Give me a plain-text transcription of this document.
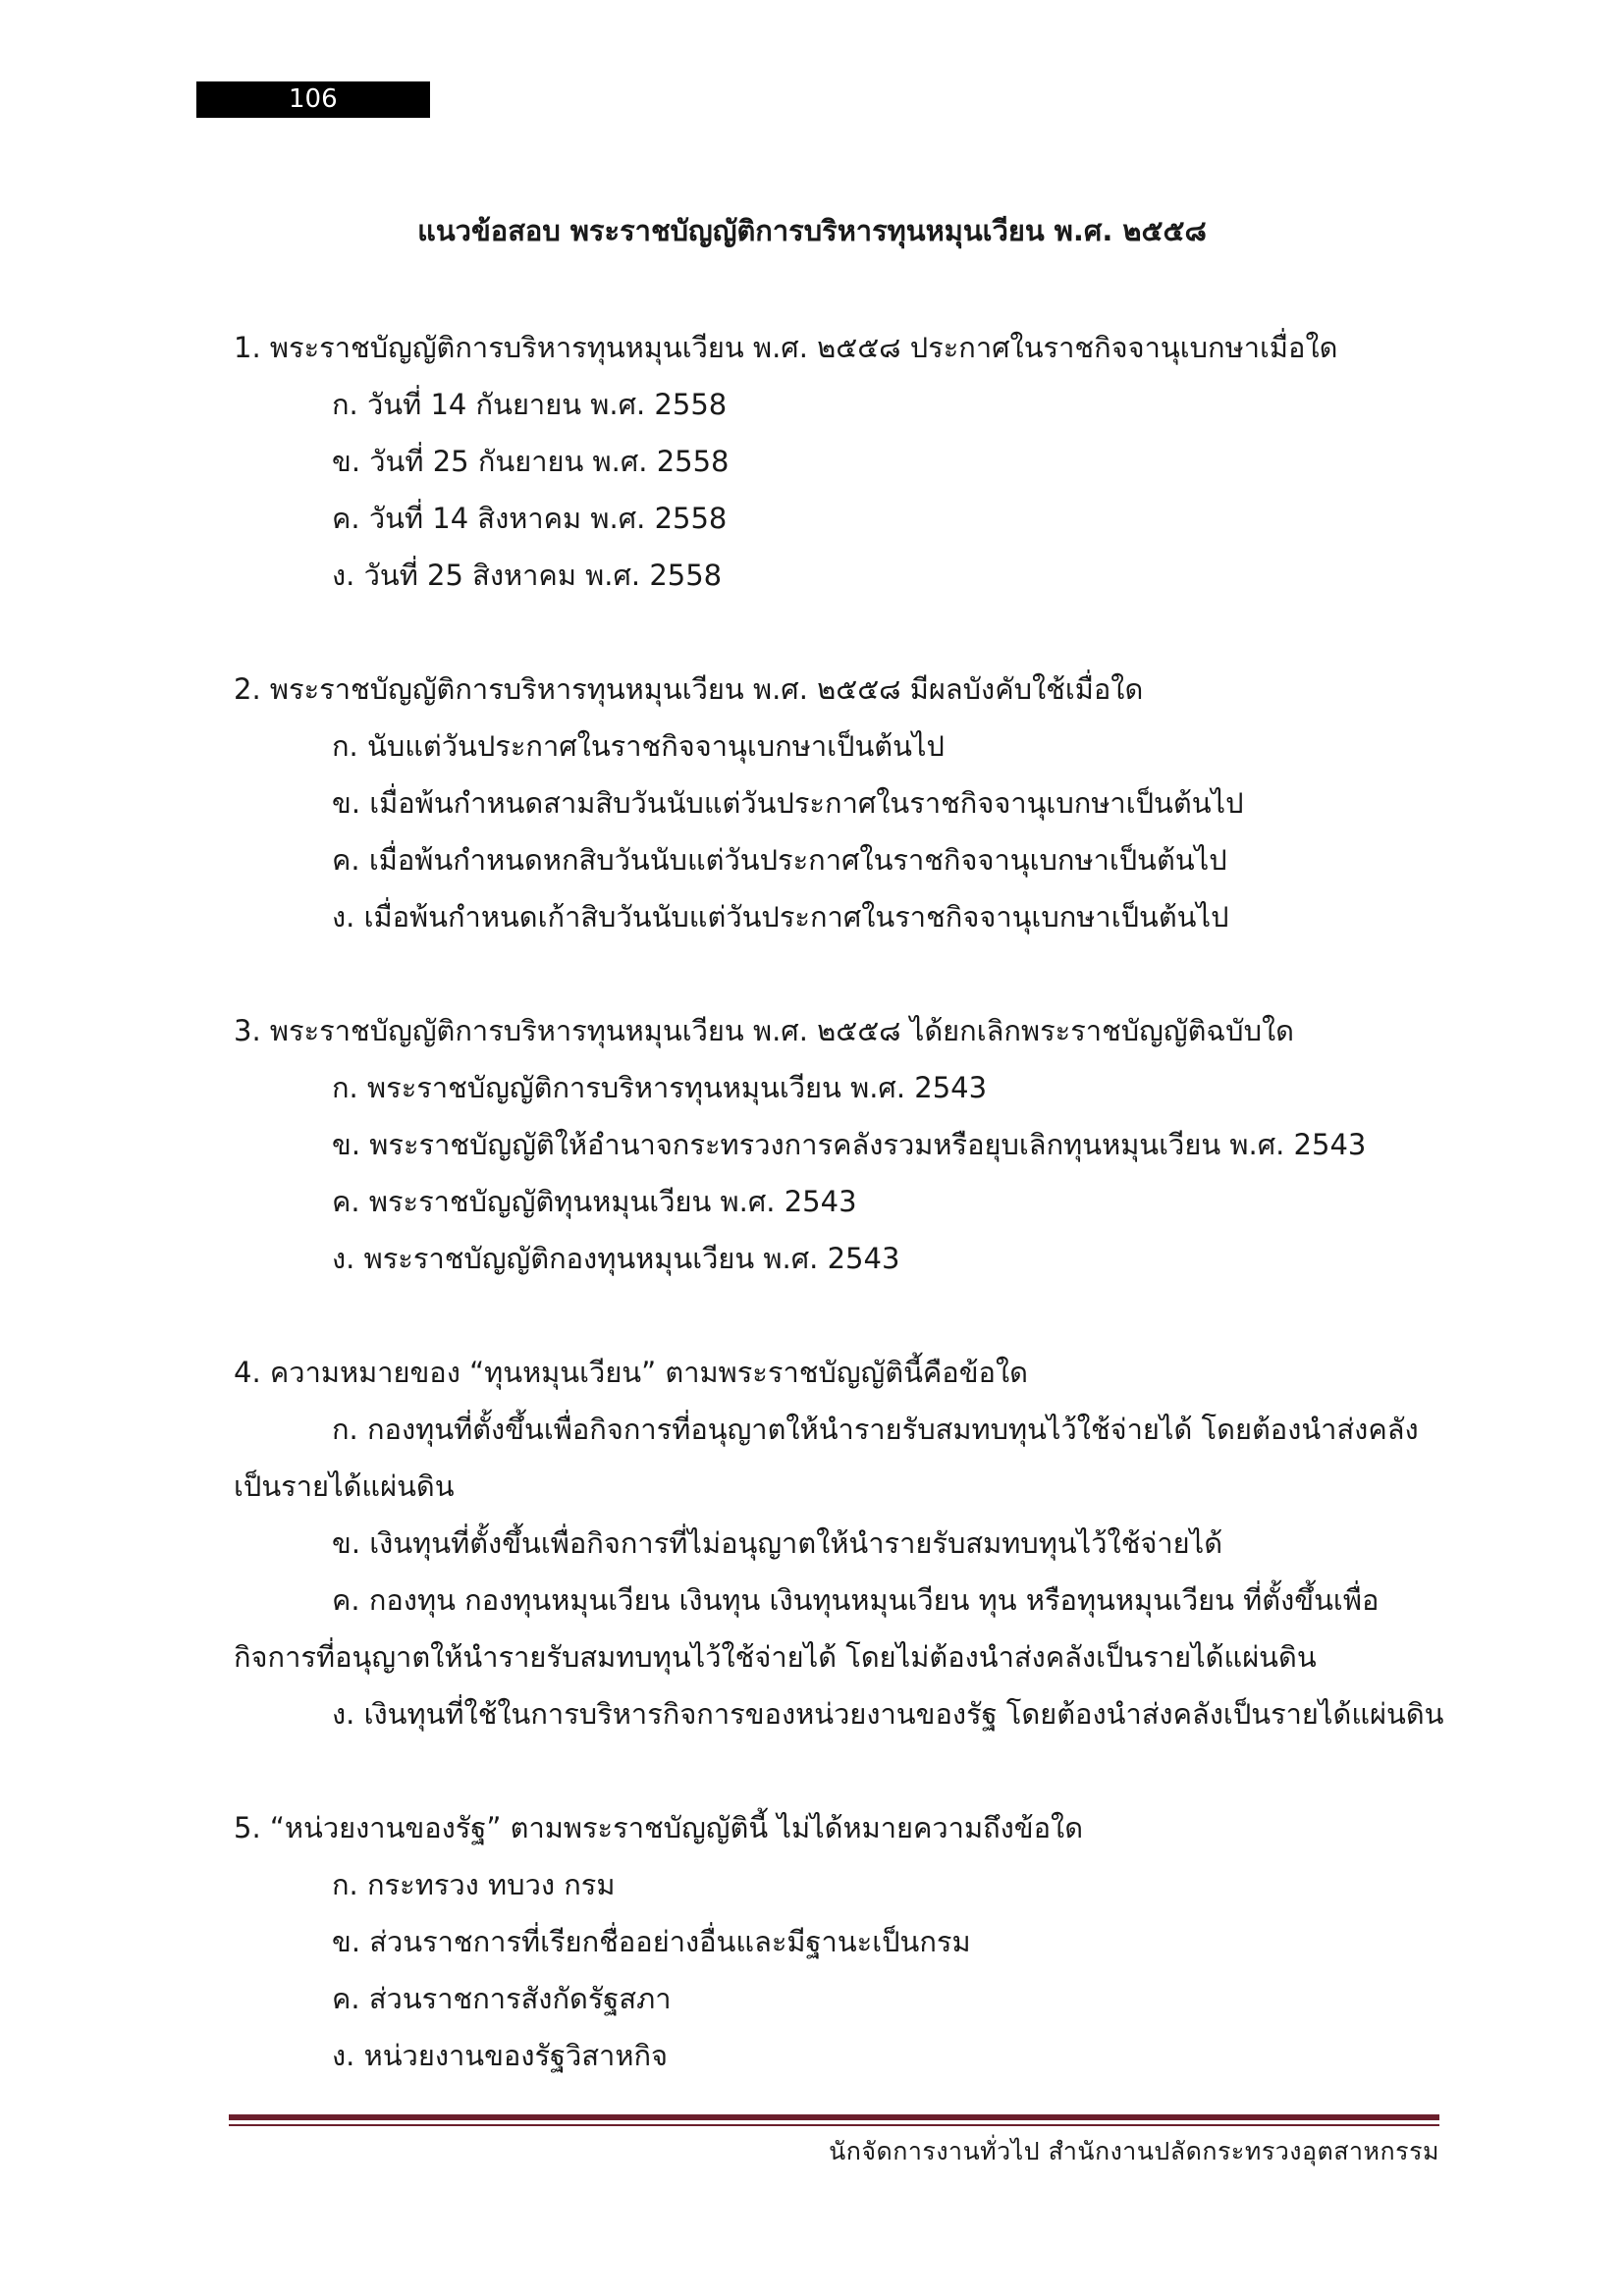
106
แนวข้อสอบ พระราชบัญญัติการบริหารทุนหมุนเวียน พ.ศ. ๒๕๕๘
1. พระราชบัญญัติการบริหารทุนหมุนเวียน พ.ศ. ๒๕๕๘ ประกาศในราชกิจจานุเบกษาเมื่อใด
ก. วันที่ 14 กันยายน พ.ศ. 2558
ข. วันที่ 25 กันยายน พ.ศ. 2558
ค. วันที่ 14 สิงหาคม พ.ศ. 2558
ง. วันที่ 25 สิงหาคม พ.ศ. 2558
2. พระราชบัญญัติการบริหารทุนหมุนเวียน พ.ศ. ๒๕๕๘ มีผลบังคับใช้เมื่อใด
ก. นับแต่วันประกาศในราชกิจจานุเบกษาเป็นต้นไป
ข. เมื่อพ้นกำหนดสามสิบวันนับแต่วันประกาศในราชกิจจานุเบกษาเป็นต้นไป
ค. เมื่อพ้นกำหนดหกสิบวันนับแต่วันประกาศในราชกิจจานุเบกษาเป็นต้นไป
ง. เมื่อพ้นกำหนดเก้าสิบวันนับแต่วันประกาศในราชกิจจานุเบกษาเป็นต้นไป
3. พระราชบัญญัติการบริหารทุนหมุนเวียน พ.ศ. ๒๕๕๘ ได้ยกเลิกพระราชบัญญัติฉบับใด
ก. พระราชบัญญัติการบริหารทุนหมุนเวียน พ.ศ. 2543
ข. พระราชบัญญัติให้อำนาจกระทรวงการคลังรวมหรือยุบเลิกทุนหมุนเวียน พ.ศ. 2543
ค. พระราชบัญญัติทุนหมุนเวียน พ.ศ. 2543
ง. พระราชบัญญัติกองทุนหมุนเวียน พ.ศ. 2543
4. ความหมายของ “ทุนหมุนเวียน” ตามพระราชบัญญัตินี้คือข้อใด
ก. กองทุนที่ตั้งขึ้นเพื่อกิจการที่อนุญาตให้นำรายรับสมทบทุนไว้ใช้จ่ายได้ โดยต้องนำส่งคลังเป็นรายได้แผ่นดิน
ข. เงินทุนที่ตั้งขึ้นเพื่อกิจการที่ไม่อนุญาตให้นำรายรับสมทบทุนไว้ใช้จ่ายได้
ค. กองทุน กองทุนหมุนเวียน เงินทุน เงินทุนหมุนเวียน ทุน หรือทุนหมุนเวียน ที่ตั้งขึ้นเพื่อกิจการที่อนุญาตให้นำรายรับสมทบทุนไว้ใช้จ่ายได้ โดยไม่ต้องนำส่งคลังเป็นรายได้แผ่นดิน
ง. เงินทุนที่ใช้ในการบริหารกิจการของหน่วยงานของรัฐ โดยต้องนำส่งคลังเป็นรายได้แผ่นดิน
5. “หน่วยงานของรัฐ” ตามพระราชบัญญัตินี้ ไม่ได้หมายความถึงข้อใด
ก. กระทรวง ทบวง กรม
ข. ส่วนราชการที่เรียกชื่ออย่างอื่นและมีฐานะเป็นกรม
ค. ส่วนราชการสังกัดรัฐสภา
ง. หน่วยงานของรัฐวิสาหกิจ
นักจัดการงานทั่วไป สำนักงานปลัดกระทรวงอุตสาหกรรม
